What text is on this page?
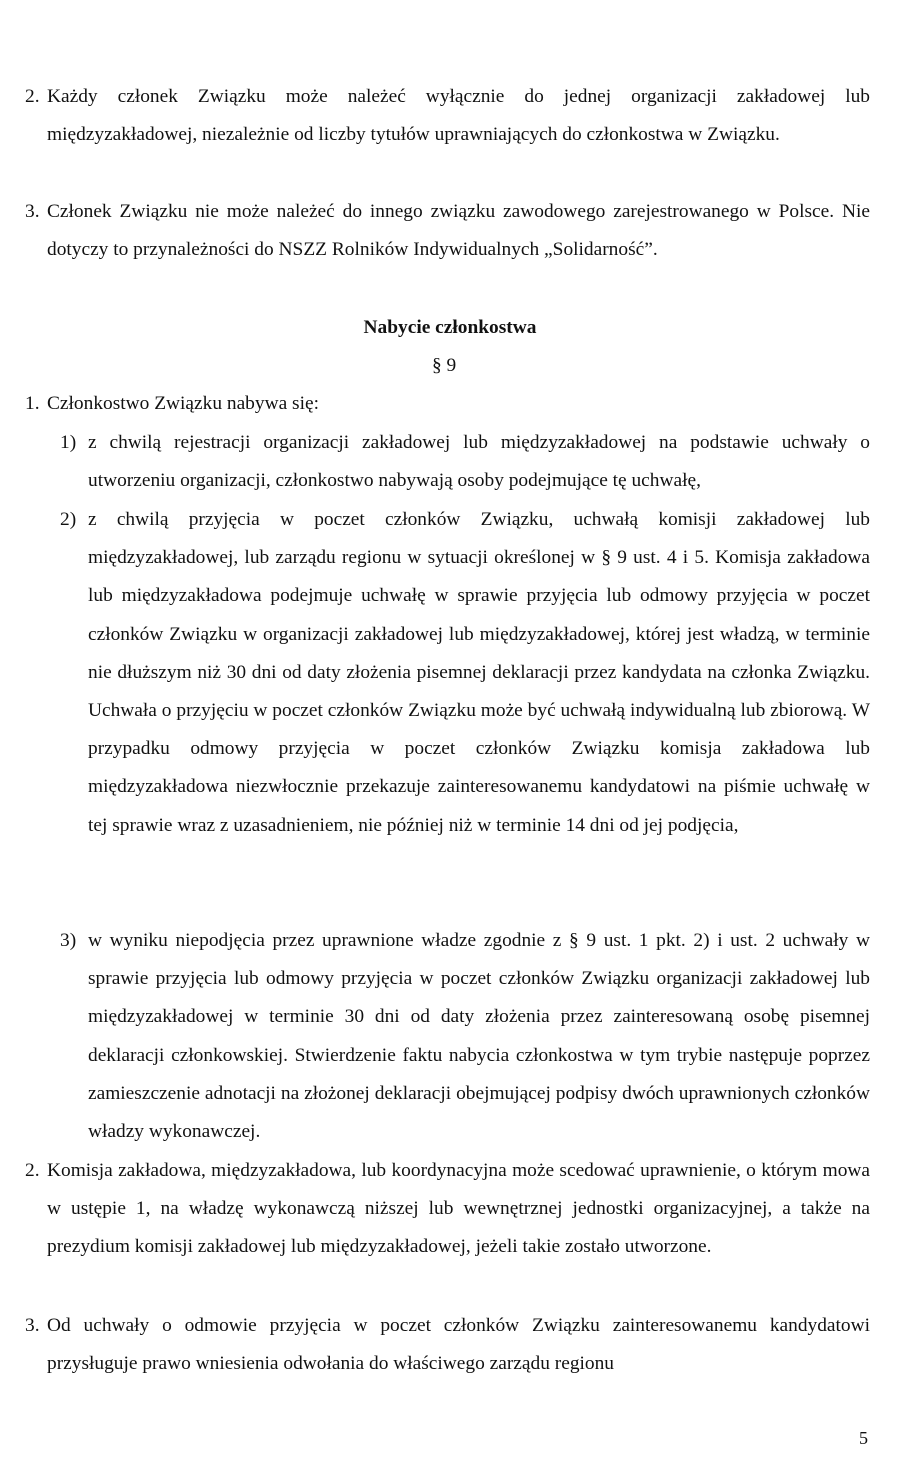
2. Każdy członek Związku może należeć wyłącznie do jednej organizacji zakładowej lub międzyzakładowej, niezależnie od liczby tytułów uprawniających do członkostwa w Związku.
3. Członek Związku nie może należeć do innego związku zawodowego zarejestrowanego w Polsce. Nie dotyczy to przynależności do NSZZ Rolników Indywidualnych „Solidarność”.
Nabycie członkostwa
§ 9
1. Członkostwo Związku nabywa się:
1) z chwilą rejestracji organizacji zakładowej lub międzyzakładowej na podstawie uchwały o utworzeniu organizacji, członkostwo nabywają osoby podejmujące tę uchwałę,
2) z chwilą przyjęcia w poczet członków Związku, uchwałą komisji zakładowej lub międzyzakładowej, lub zarządu regionu w sytuacji określonej w § 9 ust. 4 i 5. Komisja zakładowa lub międzyzakładowa podejmuje uchwałę w sprawie przyjęcia lub odmowy przyjęcia w poczet członków Związku w organizacji zakładowej lub międzyzakładowej, której jest władzą, w terminie nie dłuższym niż 30 dni od daty złożenia pisemnej deklaracji przez kandydata na członka Związku. Uchwała o przyjęciu w poczet członków Związku może być uchwałą indywidualną lub zbiorową. W przypadku odmowy przyjęcia w poczet członków Związku komisja zakładowa lub międzyzakładowa niezwłocznie przekazuje zainteresowanemu kandydatowi na piśmie uchwałę w tej sprawie wraz z uzasadnieniem, nie później niż w terminie 14 dni od jej podjęcia,
3) w wyniku niepodjęcia przez uprawnione władze zgodnie z § 9 ust. 1 pkt. 2) i ust. 2 uchwały w sprawie przyjęcia lub odmowy przyjęcia w poczet członków Związku organizacji zakładowej lub międzyzakładowej w terminie 30 dni od daty złożenia przez zainteresowaną osobę pisemnej deklaracji członkowskiej. Stwierdzenie faktu nabycia członkostwa w tym trybie następuje poprzez zamieszczenie adnotacji na złożonej deklaracji obejmującej podpisy dwóch uprawnionych członków władzy wykonawczej.
2. Komisja zakładowa, międzyzakładowa, lub koordynacyjna może scedować uprawnienie, o którym mowa w ustępie 1, na władzę wykonawczą niższej lub wewnętrznej jednostki organizacyjnej, a także na prezydium komisji zakładowej lub międzyzakładowej, jeżeli takie zostało utworzone.
3. Od uchwały o odmowie przyjęcia w poczet członków Związku zainteresowanemu kandydatowi przysługuje prawo wniesienia odwołania do właściwego zarządu regionu
5
